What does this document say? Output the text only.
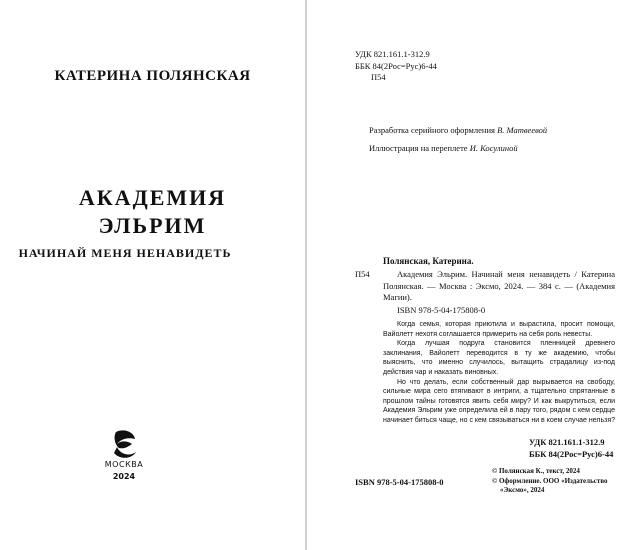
КАТЕРИНА ПОЛЯНСКАЯ
АКАДЕМИЯ
ЭЛЬРИМ
НАЧИНАЙ МЕНЯ НЕНАВИДЕТЬ
МОСКВА
2024
УДК 821.161.1-312.9
ББК 84(2Рос=Рус)6-44
П54
Разработка серийного оформления В. Матвеевой
Иллюстрация на переплете И. Косулиной
Полянская, Катерина.
П54	Академия Эльрим. Начинай меня ненавидеть / Катерина Полянская. — Москва : Эксмо, 2024. — 384 с. — (Академия Магии).
ISBN 978-5-04-175808-0

Когда семья, которая приютила и вырастила, просит помощи, Вайолетт нехотя соглашается примерить на себя роль невесты.

Когда лучшая подруга становится пленницей древнего заклинания, Вайолетт переводится в ту же академию, чтобы выяснить, что именно случилось, вытащить страдалицу из-под действия чар и наказать виновных.

Но что делать, если собственный дар вырывается на свободу, сильные мира сего втягивают в интриги, а тщательно спрятанные в прошлом тайны готовятся явить себя миру? И как выкрутиться, если Академия Эльрим уже определила ей в пару того, рядом с кем сердце начинает биться чаще, но с кем связываться ни в коем случае нельзя?

УДК 821.161.1-312.9
ББК 84(2Рос=Рус)6-44
ISBN 978-5-04-175808-0
© Полянская К., текст, 2024
© Оформление. ООО «Издательство
«Эксмо», 2024
